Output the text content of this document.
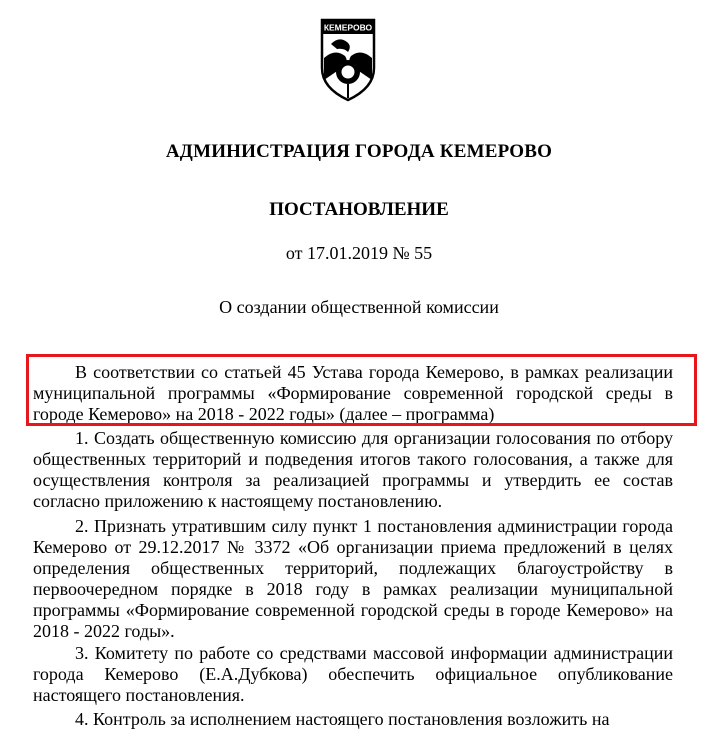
КЕМЕРОВО
АДМИНИСТРАЦИЯ ГОРОДА КЕМЕРОВО
ПОСТАНОВЛЕНИЕ
от 17.01.2019 № 55
О создании общественной комиссии

В соответствии со статьей 45 Устава города Кемерово, в рамках реализации муниципальной программы «Формирование современной городской среды в городе Кемерово» на 2018 - 2022 годы» (далее – программа)

1. Создать общественную комиссию для организации голосования по отбору общественных территорий и подведения итогов такого голосования, а также для осуществления контроля за реализацией программы и утвердить ее состав согласно приложению к настоящему постановлению.

2. Признать утратившим силу пункт 1 постановления администрации города Кемерово от 29.12.2017 № 3372 «Об организации приема предложений в целях определения общественных территорий, подлежащих благоустройству в первоочередном порядке в 2018 году в рамках реализации муниципальной программы «Формирование современной городской среды в городе Кемерово» на 2018 - 2022 годы».

3. Комитету по работе со средствами массовой информации администрации города Кемерово (Е.А.Дубкова) обеспечить официальное опубликование настоящего постановления.

4. Контроль за исполнением настоящего постановления возложить на
